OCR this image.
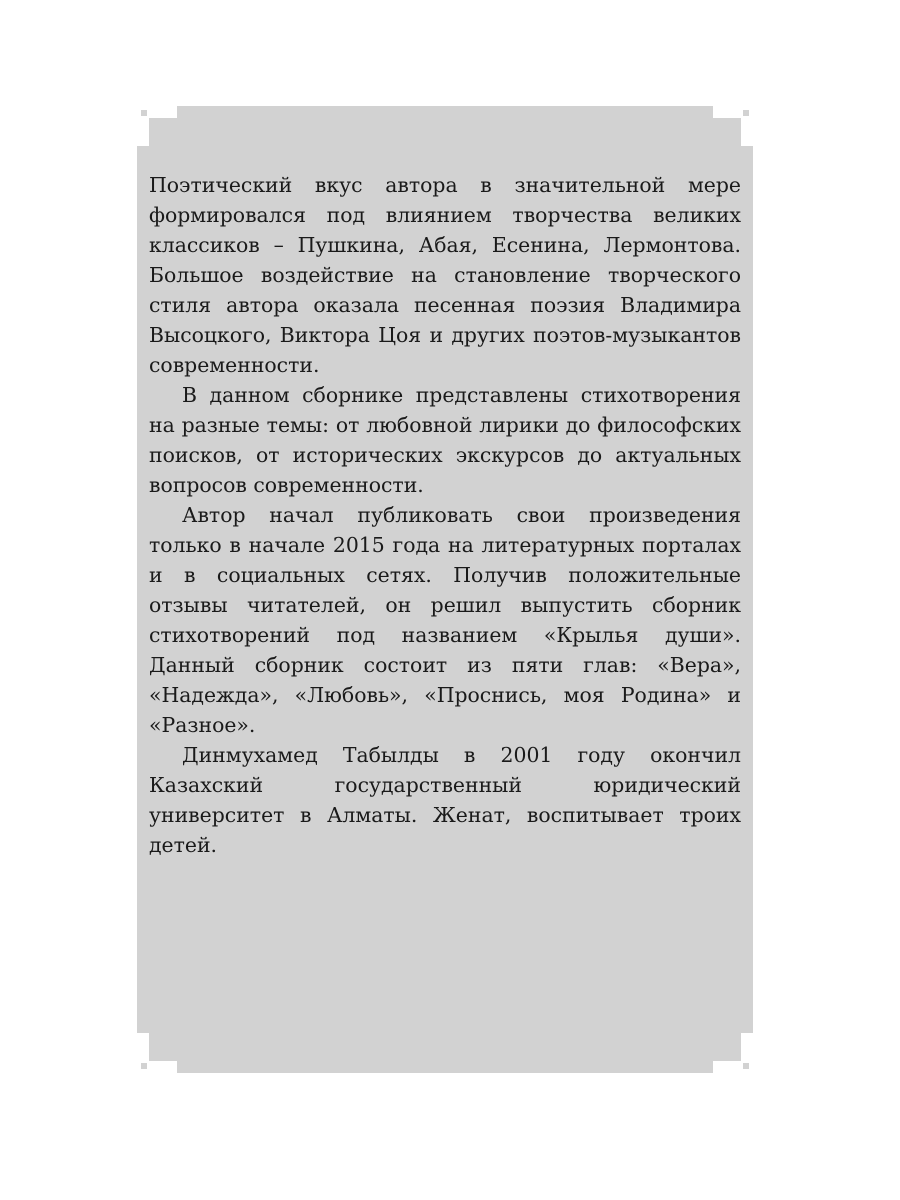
Поэтический вкус автора в значительной мере формировался под влиянием творчества великих классиков – Пушкина, Абая, Есенина, Лермонтова. Большое воздействие на становление творческого стиля автора оказала песенная поэзия Владимира Высоцкого, Виктора Цоя и других поэтов-музыкантов современности.

В данном сборнике представлены стихотворения на разные темы: от любовной лирики до философских поисков, от исторических экскурсов до актуальных вопросов современности.

Автор начал публиковать свои произведения только в начале 2015 года на литературных порталах и в социальных сетях. Получив положительные отзывы читателей, он решил выпустить сборник стихотворений под названием «Крылья души». Данный сборник состоит из пяти глав: «Вера», «Надежда», «Любовь», «Проснись, моя Родина» и «Разное».

Динмухамед Табылды в 2001 году окончил Казахский государственный юридический университет в Алматы. Женат, воспитывает троих детей.
